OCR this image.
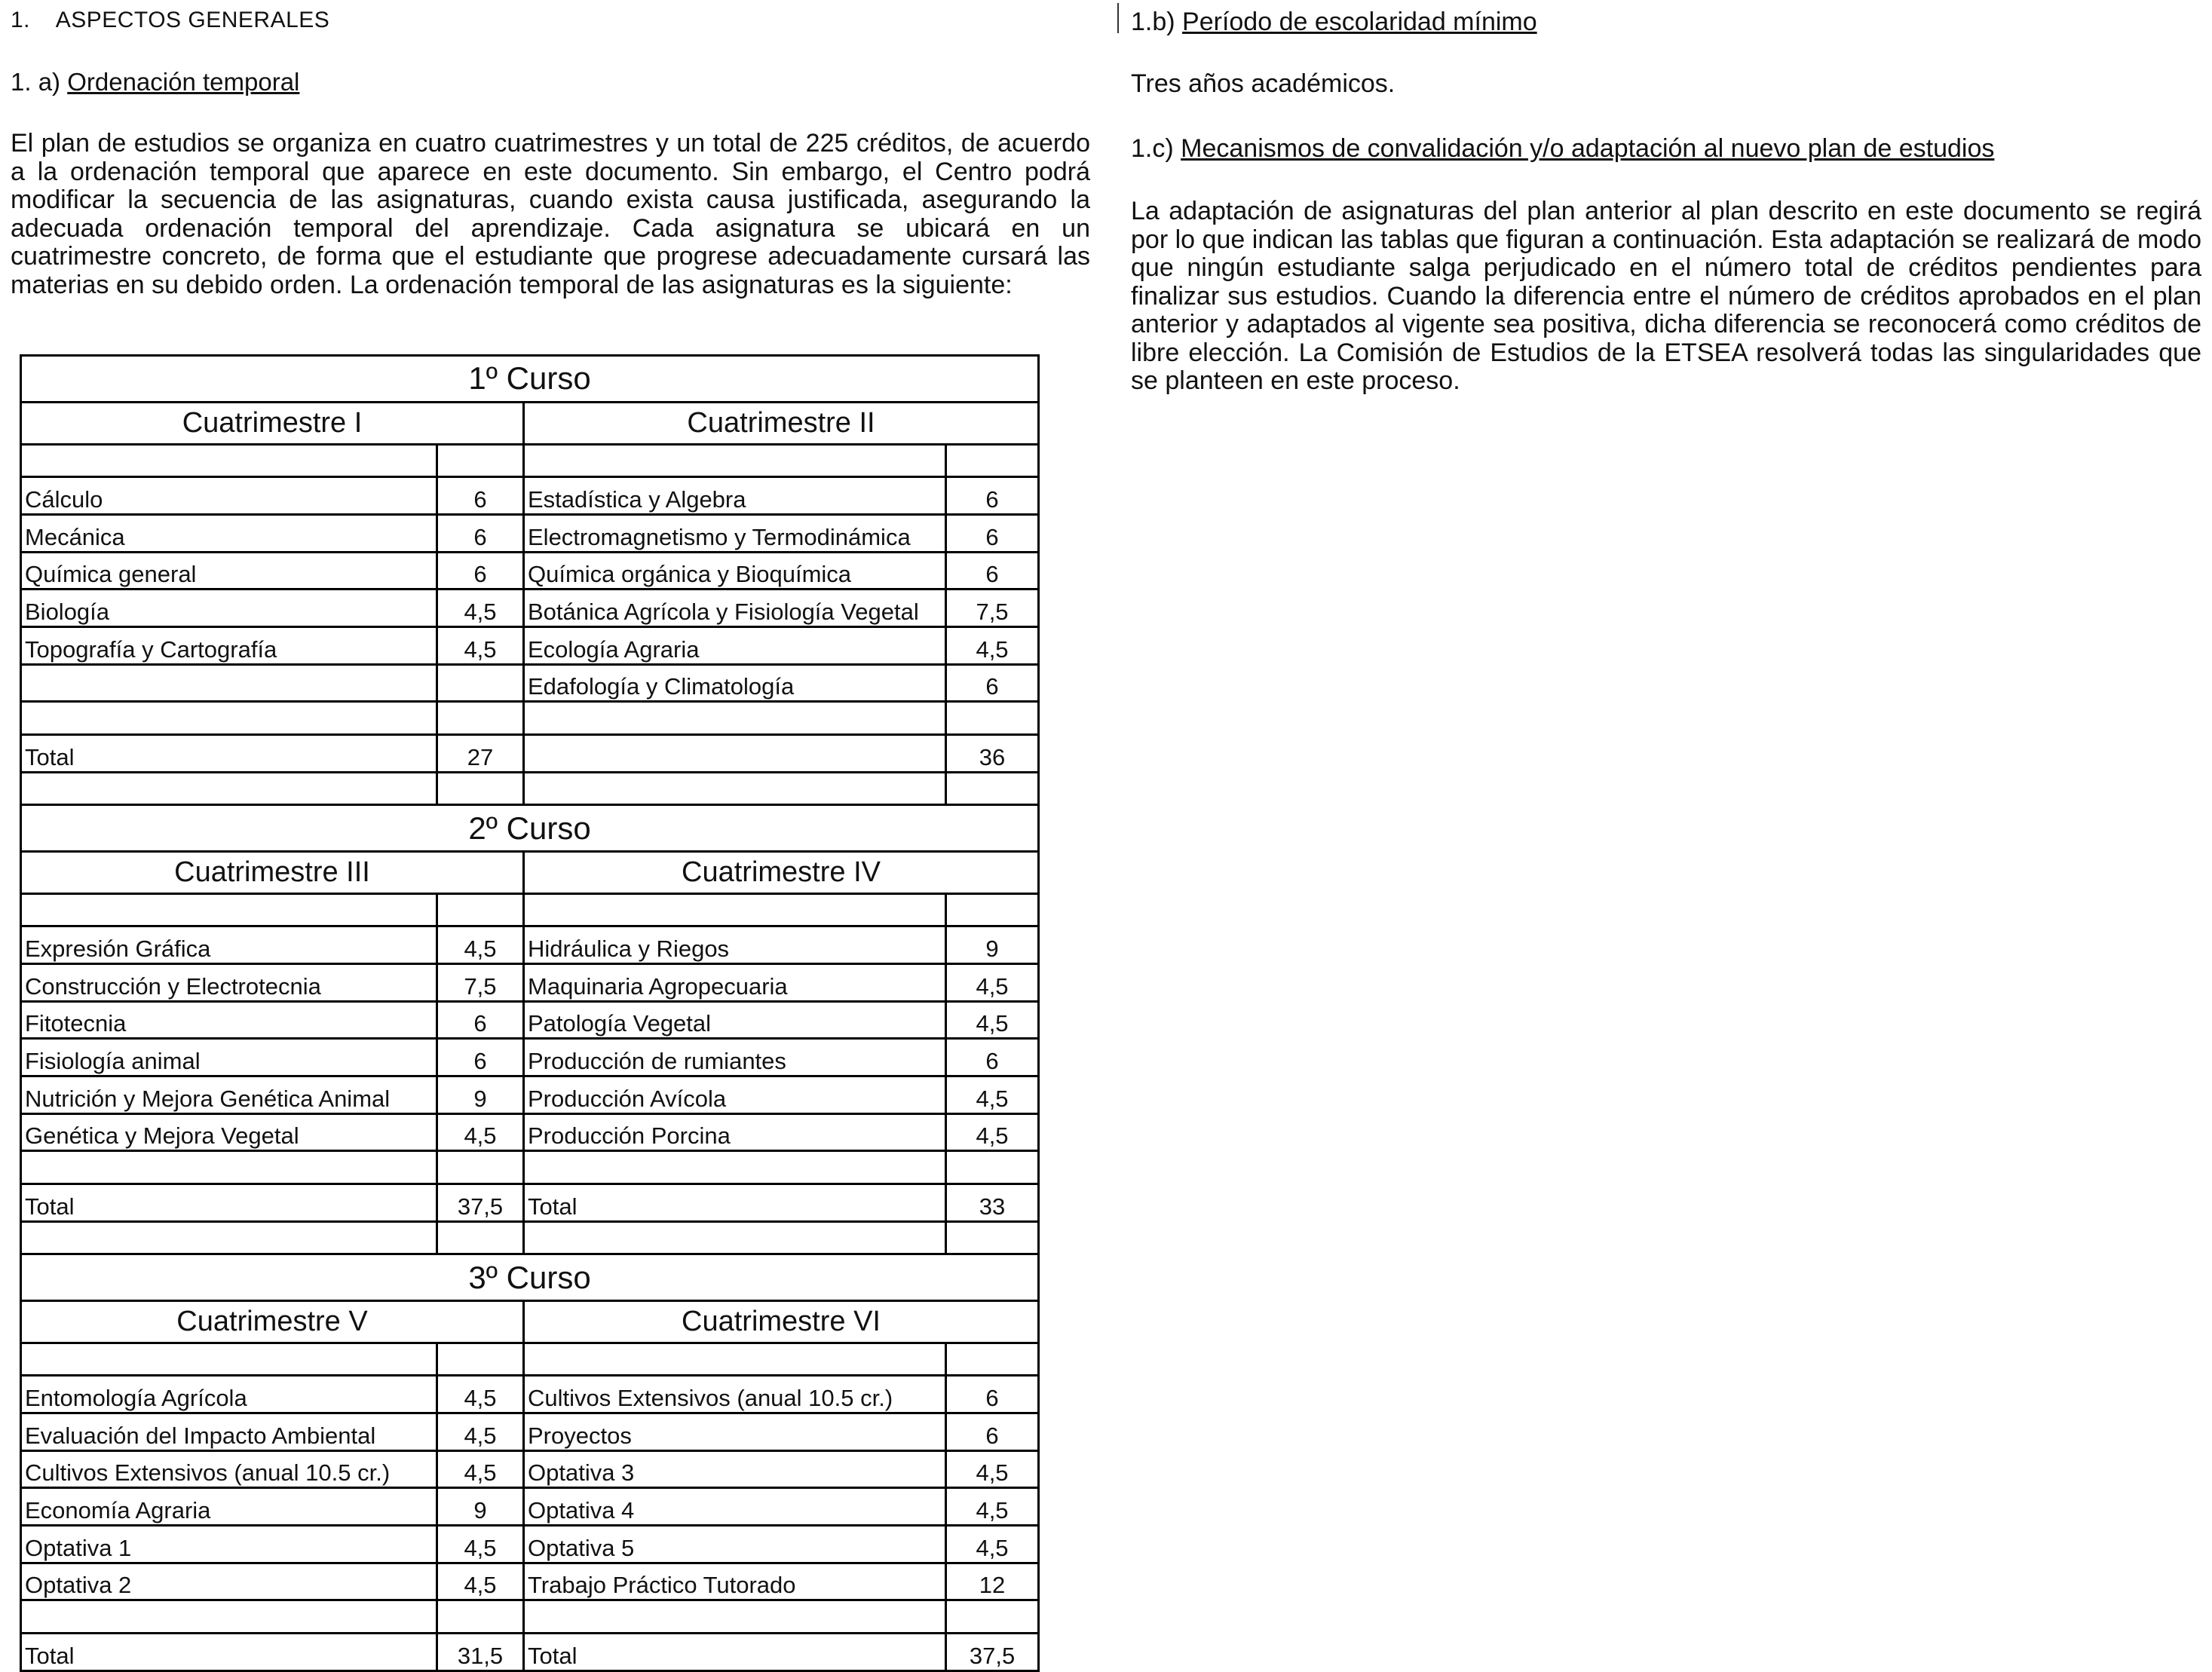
1. ASPECTOS GENERALES
1. a) Ordenación temporal
El plan de estudios se organiza en cuatro cuatrimestres y un total de 225 créditos, de acuerdo a la ordenación temporal que aparece en este documento. Sin embargo, el Centro podrá modificar la secuencia de las asignaturas, cuando exista causa justificada, asegurando la adecuada ordenación temporal del aprendizaje. Cada asignatura se ubicará en un cuatrimestre concreto, de forma que el estudiante que progrese adecuadamente cursará las materias en su debido orden. La ordenación temporal de las asignaturas es la siguiente:
1º Curso			
Cuatrimestre I		Cuatrimestre II	

Cálculo	6	Estadística y Algebra	6
Mecánica	6	Electromagnetismo y Termodinámica	6
Química general	6	Química orgánica y Bioquímica	6
Biología	4,5	Botánica Agrícola y Fisiología Vegetal	7,5
Topografía y Cartografía	4,5	Ecología Agraria	4,5
		Edafología y Climatología	6

Total	27		36

2º Curso			
Cuatrimestre III		Cuatrimestre IV	

Expresión Gráfica	4,5	Hidráulica y Riegos	9
Construcción y Electrotecnia	7,5	Maquinaria Agropecuaria	4,5
Fitotecnia	6	Patología Vegetal	4,5
Fisiología animal	6	Producción de rumiantes	6
Nutrición y Mejora Genética Animal	9	Producción Avícola	4,5
Genética y Mejora Vegetal	4,5	Producción Porcina	4,5

Total	37,5	Total	33

3º Curso			
Cuatrimestre V		Cuatrimestre VI	

Entomología Agrícola	4,5	Cultivos Extensivos (anual 10.5 cr.)	6
Evaluación del Impacto Ambiental	4,5	Proyectos	6
Cultivos Extensivos (anual 10.5 cr.)	4,5	Optativa 3	4,5
Economía Agraria	9	Optativa 4	4,5
Optativa 1	4,5	Optativa 5	4,5
Optativa 2	4,5	Trabajo Práctico Tutorado	12

Total	31,5	Total	37,5
1.b) Período de escolaridad mínimo
Tres años académicos.
1.c) Mecanismos de convalidación y/o adaptación al nuevo plan de estudios
La adaptación de asignaturas del plan anterior al plan descrito en este documento se regirá por lo que indican las tablas que figuran a continuación. Esta adaptación se realizará de modo que ningún estudiante salga perjudicado en el número total de créditos pendientes para finalizar sus estudios. Cuando la diferencia entre el número de créditos aprobados en el plan anterior y adaptados al vigente sea positiva, dicha diferencia se reconocerá como créditos de libre elección. La Comisión de Estudios de la ETSEA resolverá todas las singularidades que se planteen en este proceso.
